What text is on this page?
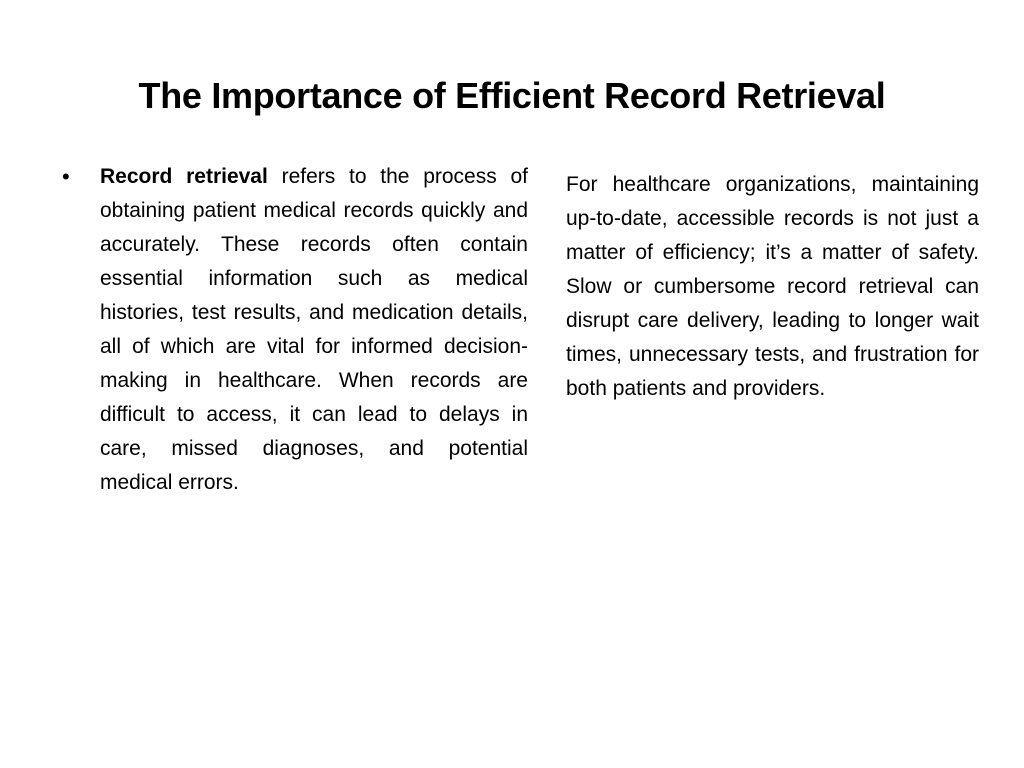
The Importance of Efficient Record Retrieval
• Record retrieval refers to the process of obtaining patient medical records quickly and accurately. These records often contain essential information such as medical histories, test results, and medication details, all of which are vital for informed decision-making in healthcare. When records are difficult to access, it can lead to delays in care, missed diagnoses, and potential medical errors.

For healthcare organizations, maintaining up-to-date, accessible records is not just a matter of efficiency; it’s a matter of safety. Slow or cumbersome record retrieval can disrupt care delivery, leading to longer wait times, unnecessary tests, and frustration for both patients and providers.
